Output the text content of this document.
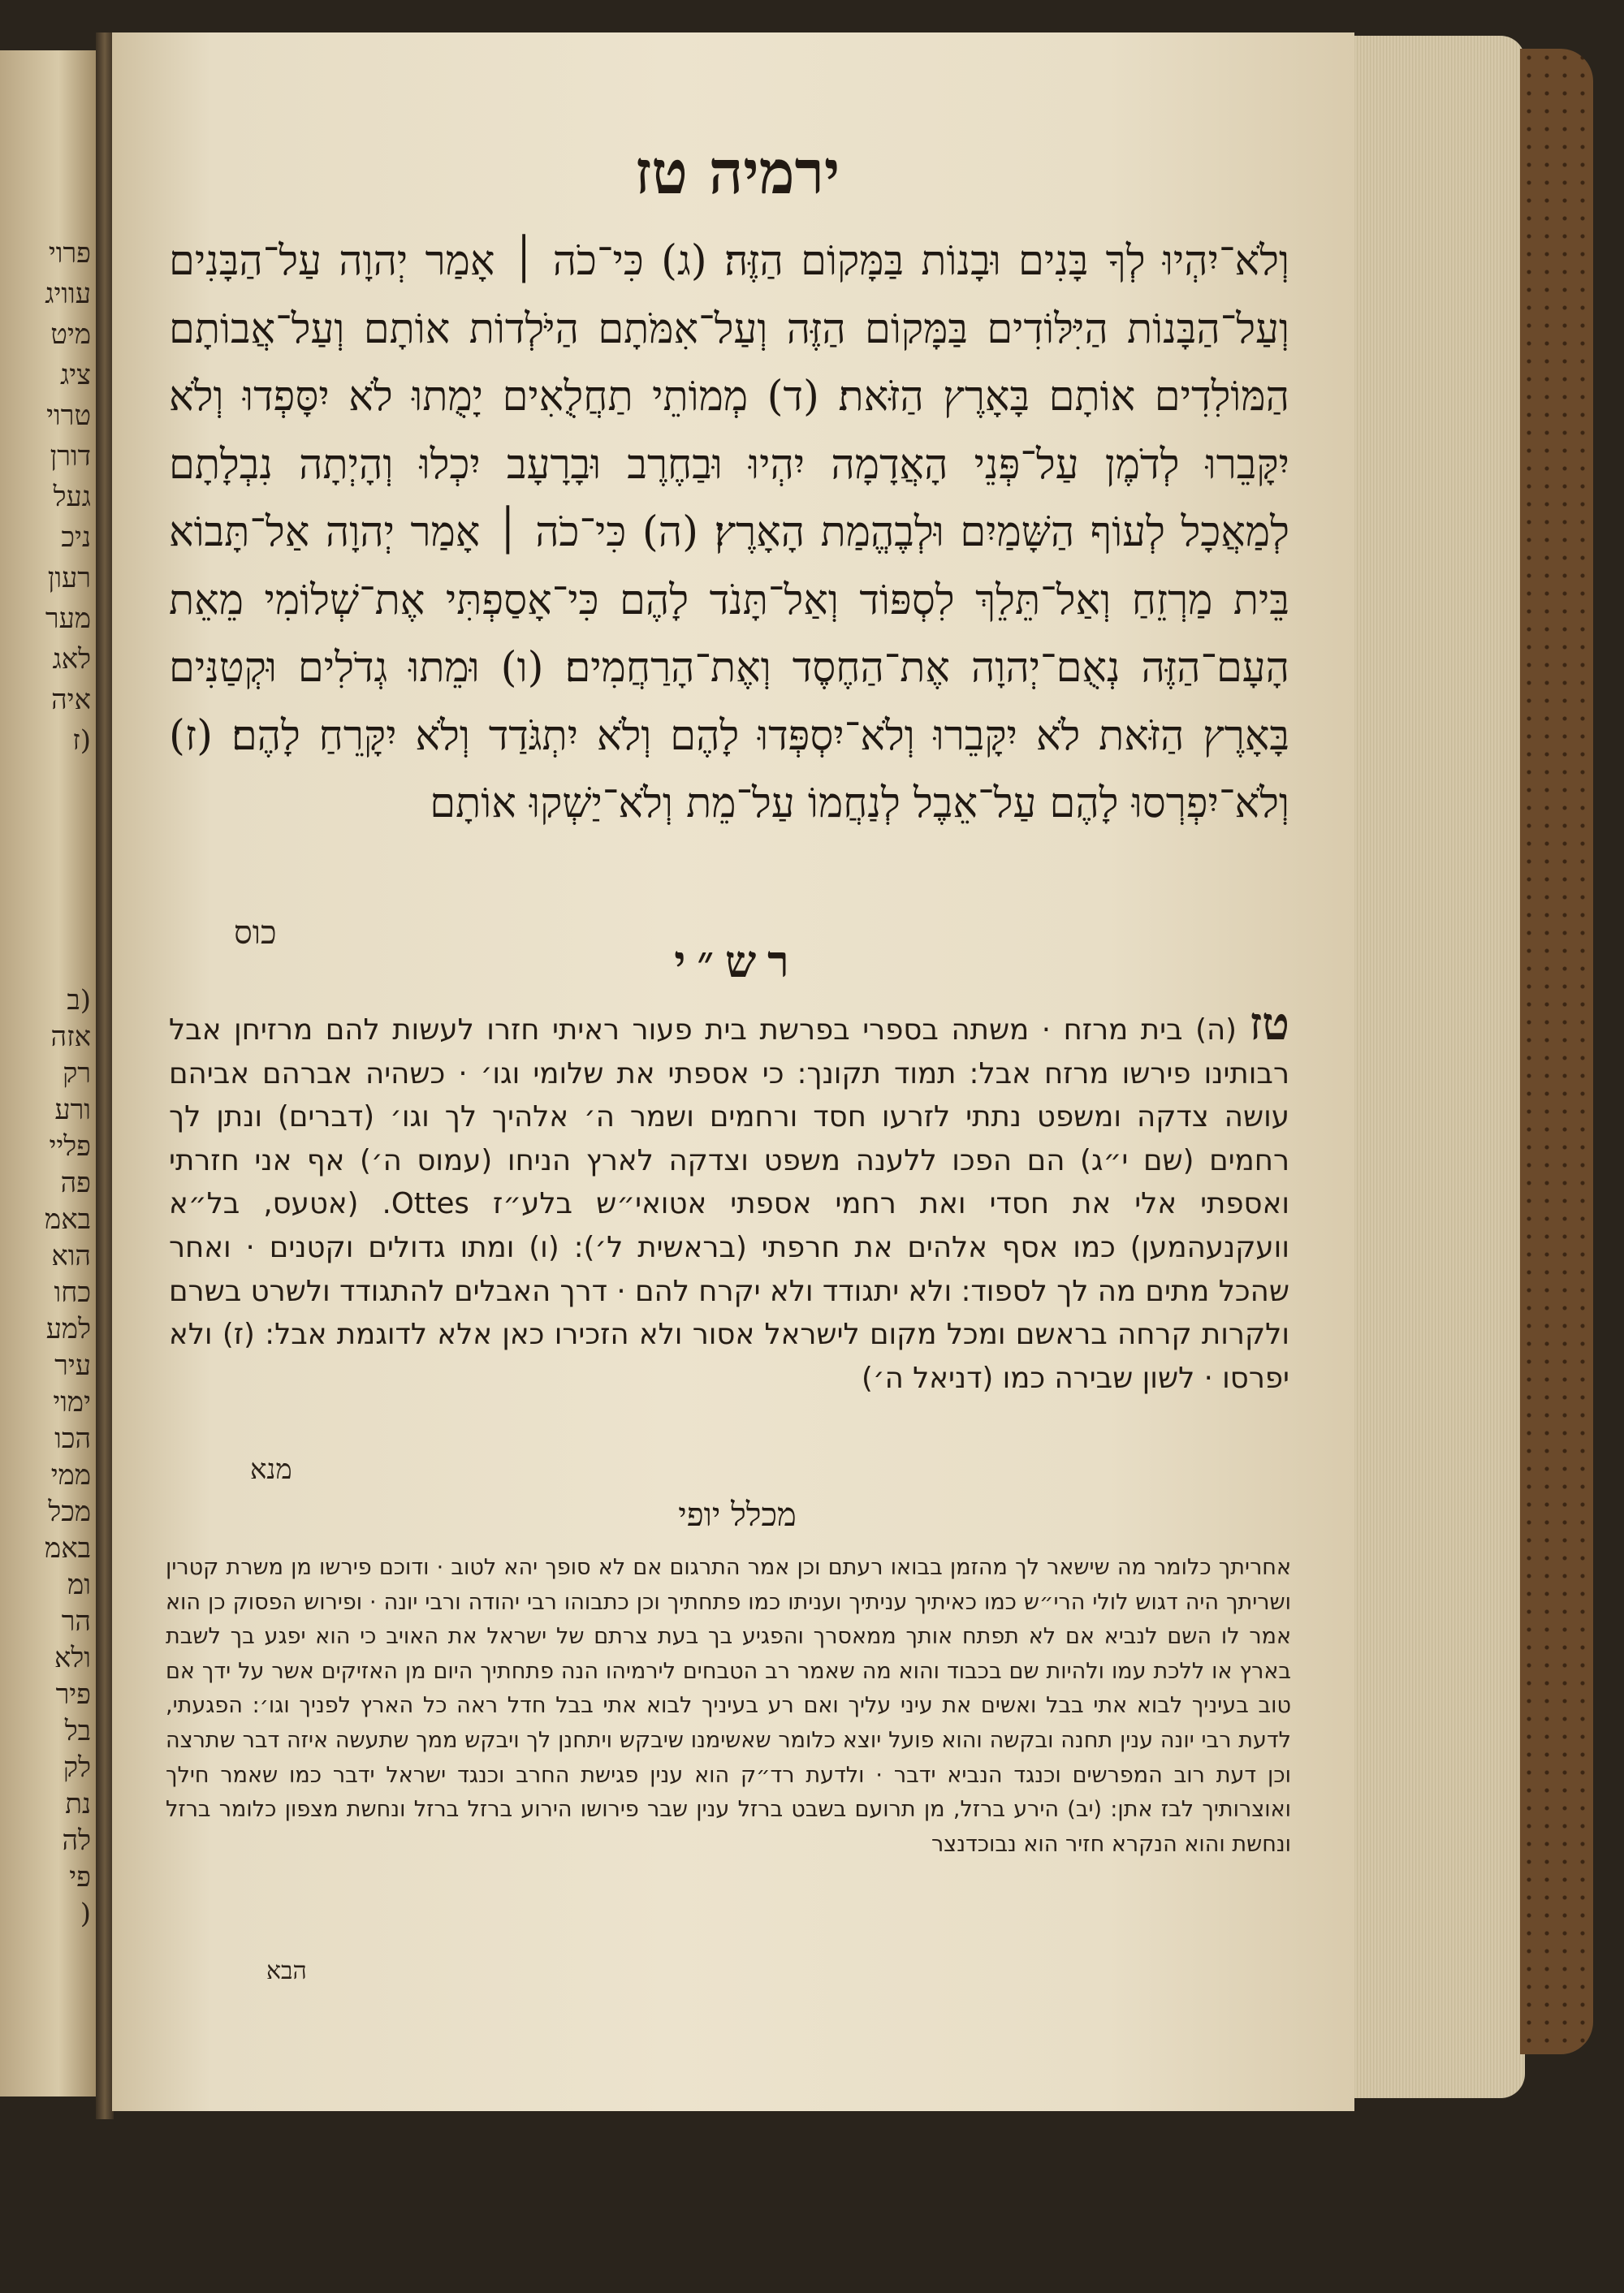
פרוי
עוויג
מיט
ציג
טרוי
דורן
געל
ניכ
רעון
מער
לאג
איה
(ז
(ב
אזה
רק
ורע
פליי
פה
באמ
הוא
כחו
למע
עיר
ימוי
הכו
ממי
מכל
באמ
ומ
הר
ולא
פיר
בל
לק
נת
לה
פי
(
ירמיה טז
וְלֹא־יִהְיוּ לְךָ בָּנִים וּבָנוֹת בַּמָּקוֹם הַזֶּה׃ (ג) כִּי־כֹה ׀ אָמַר יְהוָה עַל־הַבָּנִים וְעַל־הַבָּנוֹת הַיִּלּוֹדִים בַּמָּקוֹם הַזֶּה וְעַל־אִמֹּתָם הַיֹּלְדוֹת אוֹתָם וְעַל־אֲבוֹתָם הַמּוֹלִדִים אוֹתָם בָּאָרֶץ הַזֹּאת׃ (ד) מְמוֹתֵי תַחֲלֻאִים יָמֻתוּ לֹא יִסָּפְדוּ וְלֹא יִקָּבֵרוּ לְדֹמֶן עַל־פְּנֵי הָאֲדָמָה יִהְיוּ וּבַחֶרֶב וּבָרָעָב יִכְלוּ וְהָיְתָה נִבְלָתָם לְמַאֲכָל לְעוֹף הַשָּׁמַיִם וּלְבֶהֱמַת הָאָרֶץ׃ (ה) כִּי־כֹה ׀ אָמַר יְהוָה אַל־תָּבוֹא בֵּית מַרְזֵחַ וְאַל־תֵּלֵךְ לִסְפּוֹד וְאַל־תָּנֹד לָהֶם כִּי־אָסַפְתִּי אֶת־שְׁלוֹמִי מֵאֵת הָעָם־הַזֶּה נְאֻם־יְהוָה אֶת־הַחֶסֶד וְאֶת־הָרַחֲמִים׃ (ו) וּמֵתוּ גְדֹלִים וּקְטַנִּים בָּאָרֶץ הַזֹּאת לֹא יִקָּבֵרוּ וְלֹא־יִסְפְּדוּ לָהֶם וְלֹא יִתְגֹּדַד וְלֹא יִקָּרֵחַ לָהֶם׃ (ז) וְלֹא־יִפְרְסוּ לָהֶם עַל־אֵבֶל לְנַחֲמוֹ עַל־מֵת וְלֹא־יַשְׁקוּ אוֹתָם
כוס
רש״י
טז (ה) בית מרזח · משתה בספרי בפרשת בית פעור ראיתי חזרו לעשות להם מרזיחן אבל רבותינו פירשו מרזח אבל: תמוד תקונך: כי אספתי את שלומי וגו׳ · כשהיה אברהם אביהם עושה צדקה ומשפט נתתי לזרעו חסד ורחמים ושמר ה׳ אלהיך לך וגו׳ (דברים) ונתן לך רחמים (שם י״ג) הם הפכו ללענה משפט וצדקה לארץ הניחו (עמוס ה׳) אף אני חזרתי ואספתי אלי את חסדי ואת רחמי אספתי אטואי״ש בלע״ז Ottes. (אטעס, בל״א וועקנעהמען) כמו אסף אלהים את חרפתי (בראשית ל׳): (ו) ומתו גדולים וקטנים · ואחר שהכל מתים מה לך לספוד: ולא יתגודד ולא יקרח להם · דרך האבלים להתגודד ולשרט בשרם ולקרות קרחה בראשם ומכל מקום לישראל אסור ולא הזכירו כאן אלא לדוגמת אבל: (ז) ולא יפרסו · לשון שבירה כמו (דניאל ה׳)
מנא
מכלל יופי
אחריתך כלומר מה שישאר לך מהזמן בבואו רעתם וכן אמר התרגום אם לא סופך יהא לטוב · ודוכם פירשו מן משרת קטרין ושריתך היה דגוש לולי הרי״ש כמו כאיתיך עניתיך ועניתו כמו פתחתיך וכן כתבוהו רבי יהודה ורבי יונה · ופירוש הפסוק כן הוא אמר לו השם לנביא אם לא תפתח אותך ממאסרך והפגיע בך בעת צרתם של ישראל את האויב כי הוא יפגע בך לשבת בארץ או ללכת עמו ולהיות שם בכבוד והוא מה שאמר רב הטבחים לירמיהו הנה פתחתיך היום מן האזיקים אשר על ידך אם טוב בעיניך לבוא אתי בבל ואשים את עיני עליך ואם רע בעיניך לבוא אתי בבל חדל ראה כל הארץ לפניך וגו׳: הפגעתי, לדעת רבי יונה ענין תחנה ובקשה והוא פועל יוצא כלומר שאשימנו שיבקש ויתחנן לך ויבקש ממך שתעשה איזה דבר שתרצה וכן דעת רוב המפרשים וכנגד הנביא ידבר · ולדעת רד״ק הוא ענין פגישת החרב וכנגד ישראל ידבר כמו שאמר חילך ואוצרותיך לבז אתן: (יב) הירע ברזל, מן תרועם בשבט ברזל ענין שבר פירושו הירוע ברזל ברזל ונחשת מצפון כלומר ברזל ונחשת והוא הנקרא חזיר הוא נבוכדנצר
הבא
